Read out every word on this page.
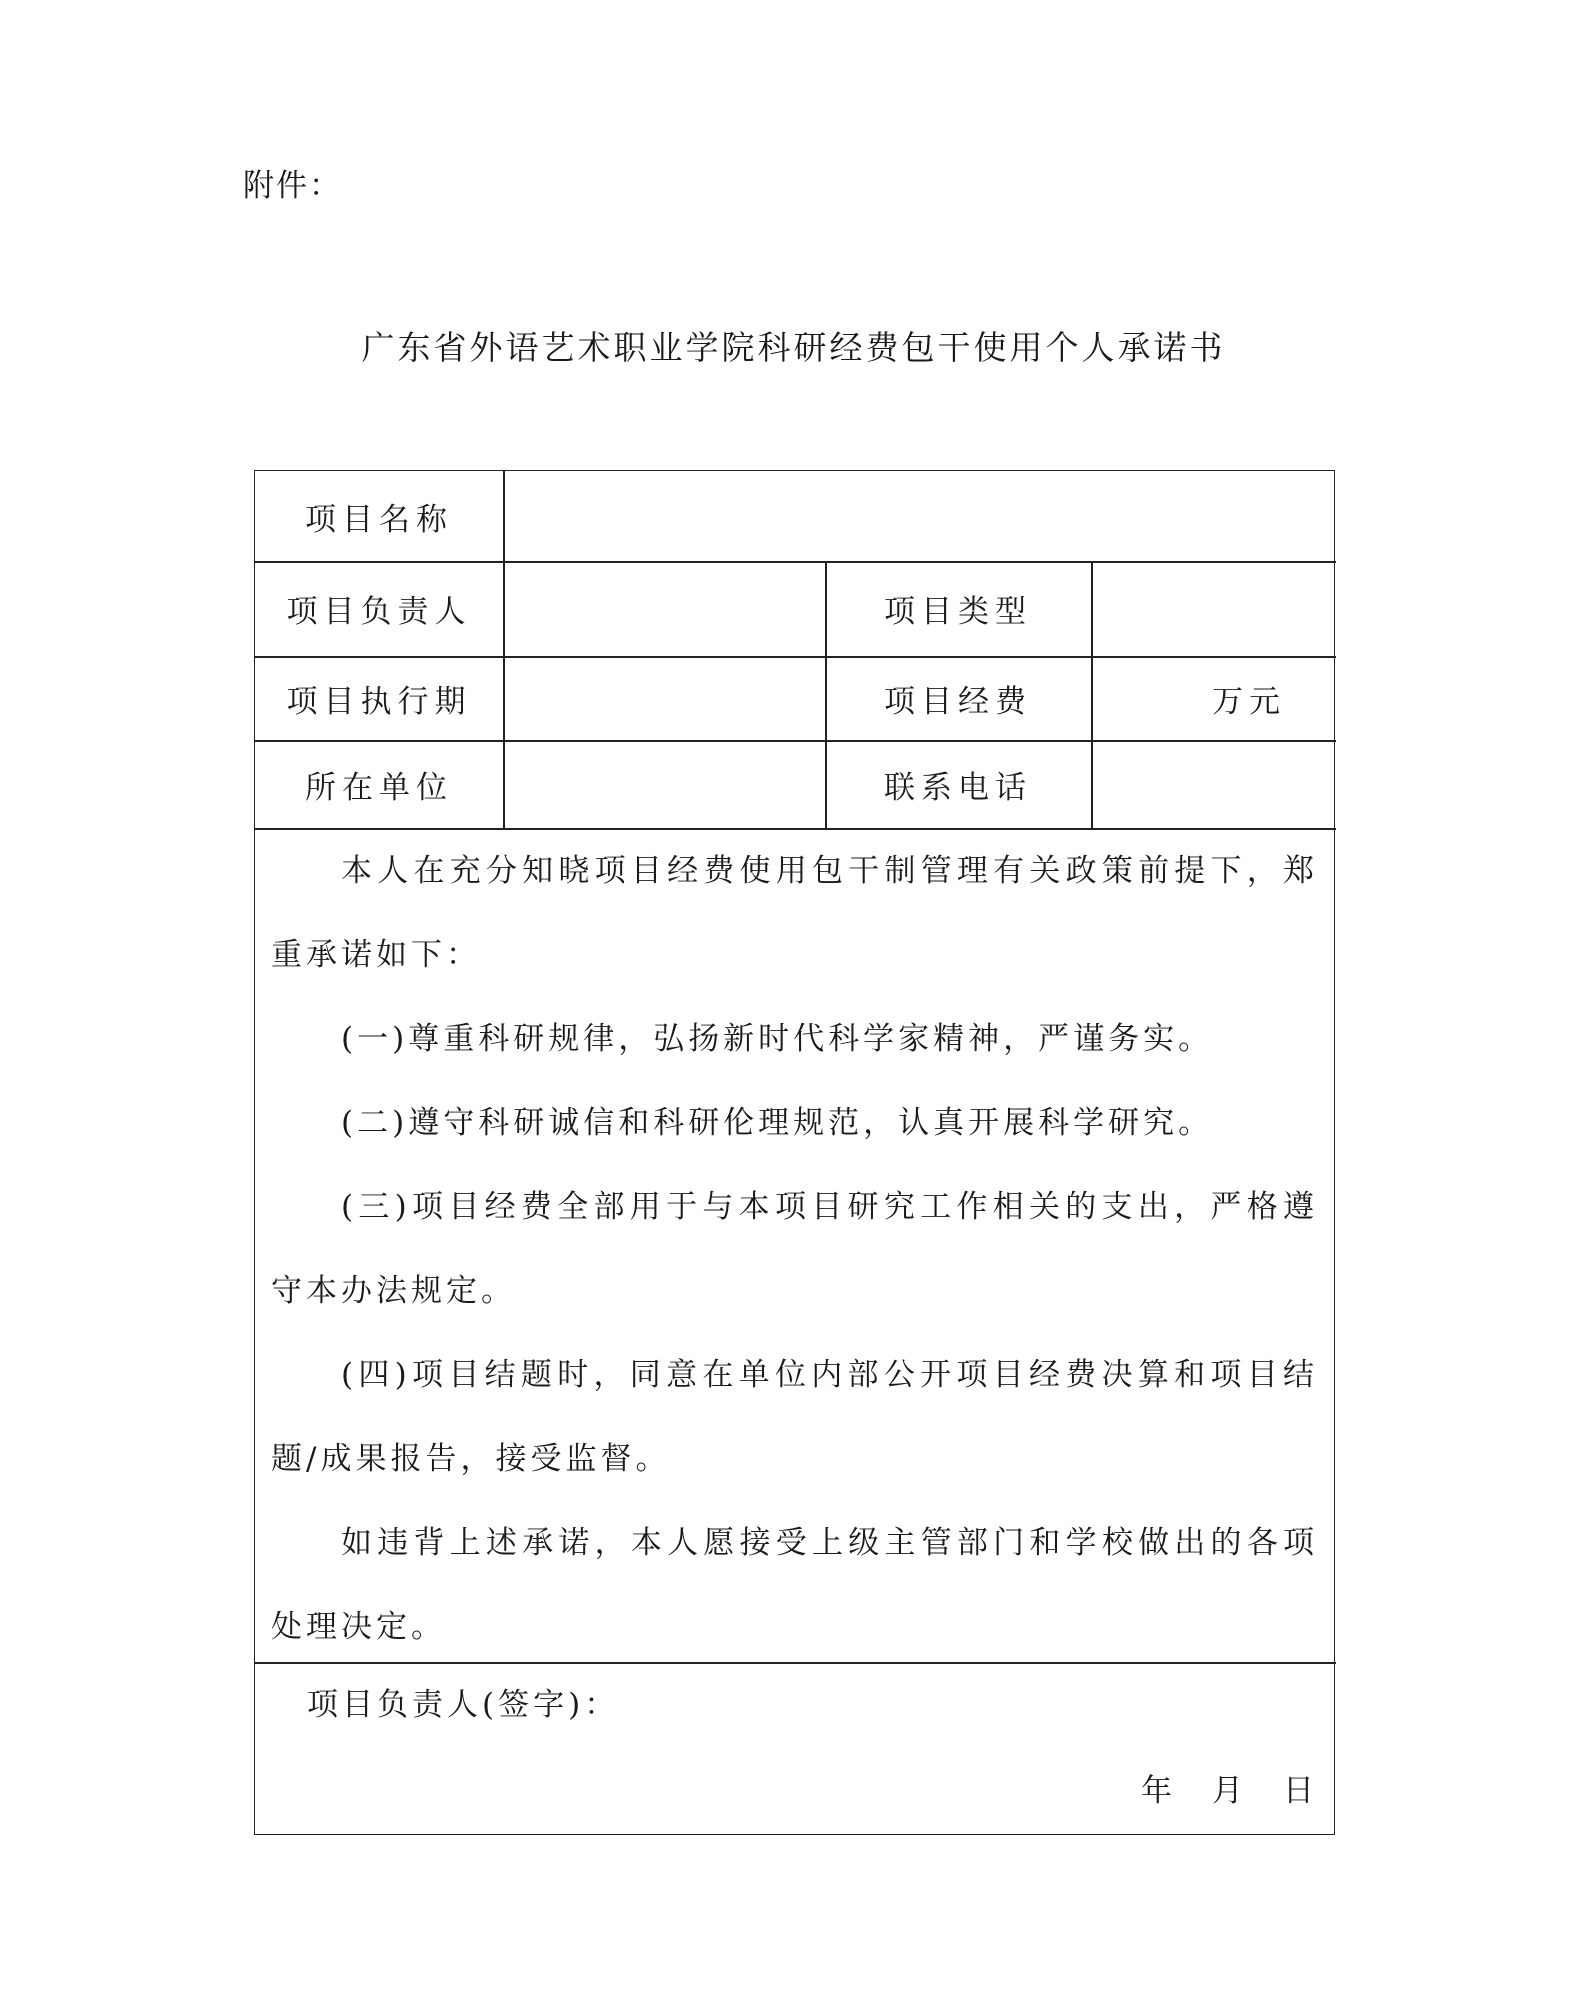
附件：
广东省外语艺术职业学院科研经费包干使用个人承诺书
项目名称
项目负责人	项目类型
项目执行期	项目经费	万元
所在单位	联系电话

本人在充分知晓项目经费使用包干制管理有关政策前提下，郑重承诺如下：

(一)尊重科研规律，弘扬新时代科学家精神，严谨务实。

(二)遵守科研诚信和科研伦理规范，认真开展科学研究。

(三)项目经费全部用于与本项目研究工作相关的支出，严格遵守本办法规定。

(四)项目结题时，同意在单位内部公开项目经费决算和项目结题/成果报告，接受监督。

如违背上述承诺，本人愿接受上级主管部门和学校做出的各项处理决定。

项目负责人(签字)：
年 月 日
